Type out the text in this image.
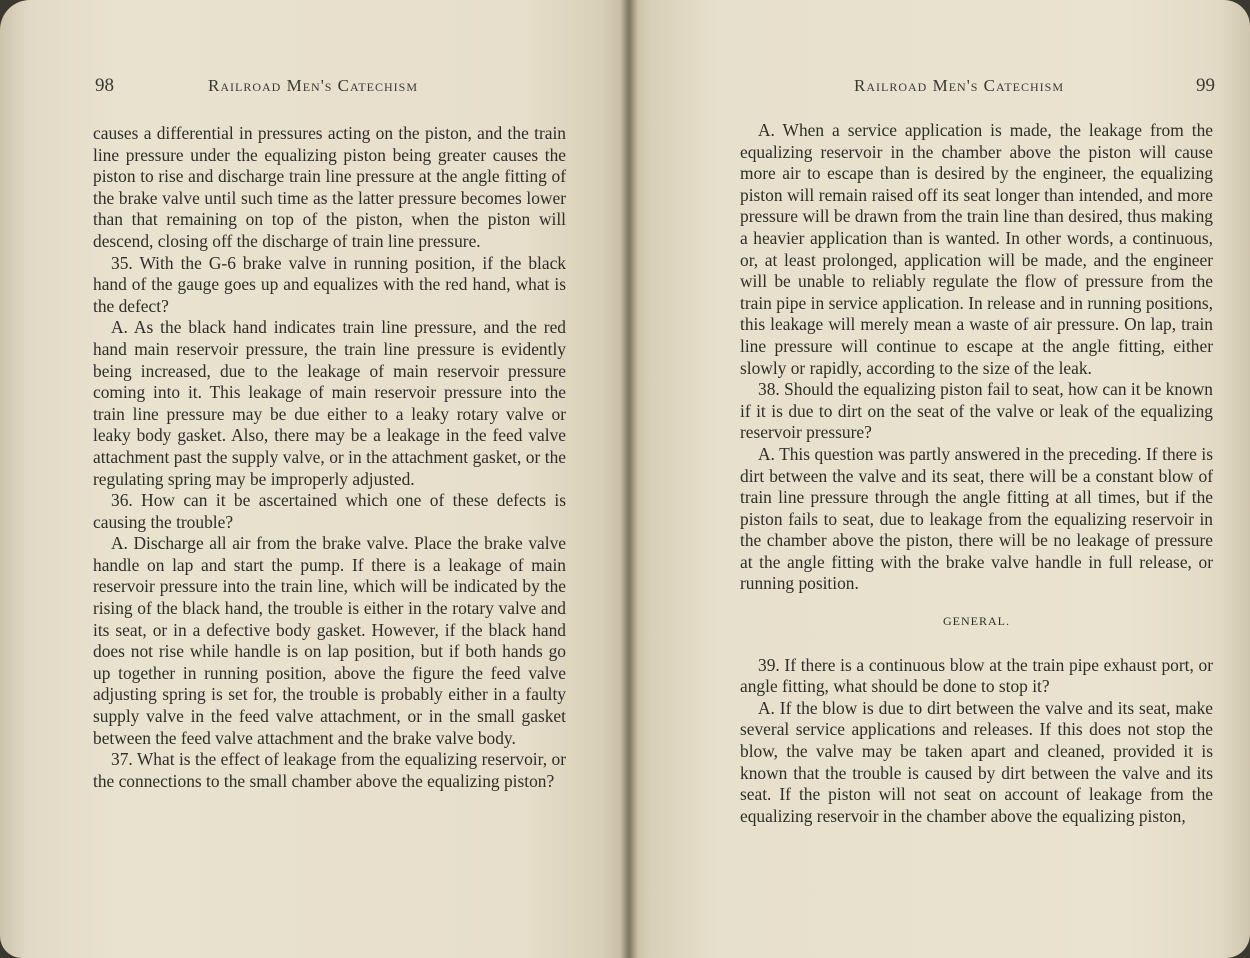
98	Railroad Men's Catechism

causes a differential in pressures acting on the piston, and the train line pressure under the equalizing piston being greater causes the piston to rise and discharge train line pressure at the angle fitting of the brake valve until such time as the latter pressure becomes lower than that remaining on top of the piston, when the piston will descend, closing off the discharge of train line pressure.

35. With the G-6 brake valve in running position, if the black hand of the gauge goes up and equalizes with the red hand, what is the defect?

A. As the black hand indicates train line pressure, and the red hand main reservoir pressure, the train line pressure is evidently being increased, due to the leakage of main reservoir pressure coming into it. This leakage of main reservoir pressure into the train line pressure may be due either to a leaky rotary valve or leaky body gasket. Also, there may be a leakage in the feed valve attachment past the supply valve, or in the attachment gasket, or the regulating spring may be improperly adjusted.

36. How can it be ascertained which one of these defects is causing the trouble?

A. Discharge all air from the brake valve. Place the brake valve handle on lap and start the pump. If there is a leakage of main reservoir pressure into the train line, which will be indicated by the rising of the black hand, the trouble is either in the rotary valve and its seat, or in a defective body gasket. However, if the black hand does not rise while handle is on lap position, but if both hands go up together in running position, above the figure the feed valve adjusting spring is set for, the trouble is probably either in a faulty supply valve in the feed valve attachment, or in the small gasket between the feed valve attachment and the brake valve body.

37. What is the effect of leakage from the equalizing reservoir, or the connections to the small chamber above the equalizing piston?

Railroad Men's Catechism	99

A. When a service application is made, the leakage from the equalizing reservoir in the chamber above the piston will cause more air to escape than is desired by the engineer, the equalizing piston will remain raised off its seat longer than intended, and more pressure will be drawn from the train line than desired, thus making a heavier application than is wanted. In other words, a continuous, or, at least prolonged, application will be made, and the engineer will be unable to reliably regulate the flow of pressure from the train pipe in service application. In release and in running positions, this leakage will merely mean a waste of air pressure. On lap, train line pressure will continue to escape at the angle fitting, either slowly or rapidly, according to the size of the leak.

38. Should the equalizing piston fail to seat, how can it be known if it is due to dirt on the seat of the valve or leak of the equalizing reservoir pressure?

A. This question was partly answered in the preceding. If there is dirt between the valve and its seat, there will be a constant blow of train line pressure through the angle fitting at all times, but if the piston fails to seat, due to leakage from the equalizing reservoir in the chamber above the piston, there will be no leakage of pressure at the angle fitting with the brake valve handle in full release, or running position.

GENERAL.

39. If there is a continuous blow at the train pipe exhaust port, or angle fitting, what should be done to stop it?

A. If the blow is due to dirt between the valve and its seat, make several service applications and releases. If this does not stop the blow, the valve may be taken apart and cleaned, provided it is known that the trouble is caused by dirt between the valve and its seat. If the piston will not seat on account of leakage from the equalizing reservoir in the chamber above the equalizing piston,
